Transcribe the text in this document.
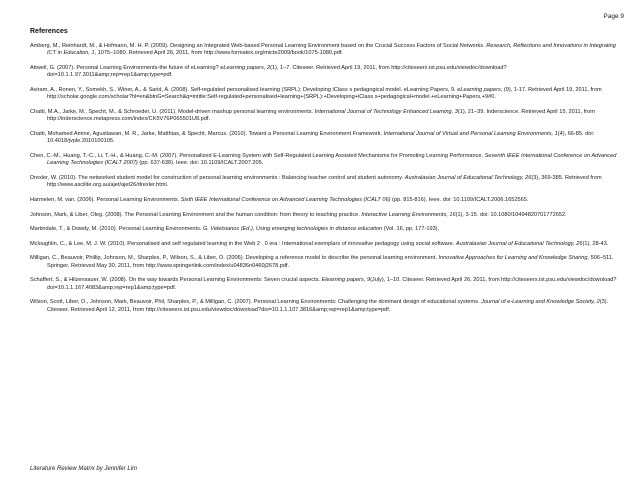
Page 9
References

Amberg, M., Reinhardt, M., & Hofmann, M. H. P. (2009). Designing an Integrated Web-based Personal Learning Environment based on the Crucial Success Factors of Social Networks. Research, Reflections and Innovations in Integrating ICT in Education, 1, 1075–1080. Retrieved April 26, 2011, from http://www.formatex.org/micte2009/book/1075-1080.pdf.

Attwell, G. (2007). Personal Learning Environments-the future of eLearning? eLearning papers, 2(1), 1–7. Citeseer. Retrieved April 19, 2011, from http://citeseerx.ist.psu.edu/viewdoc/download?doi=10.1.1.97.3011&amp;rep=rep1&amp;type=pdf.

Aviram, A., Ronen, Y., Somekh, S., Winer, A., & Sarid, A. (2008). Self-regulated personalised learning (SRPL): Developing iClass s pedagogical model. eLearning Papers, 9. eLearning papers, (9), 1-17. Retrieved April 19, 2011, from http://scholar.google.com/scholar?hl=en&btnG=Search&q=intitle:Self-regulated+personalised+learning+(SRPL):+Developing+iClass s+pedagogical+model.+eLearning+Papers,+9#0.

Chatti, M.A., Jarke, M., Specht, M., & Schroeder, U. (2011). Model-driven mashup personal learning environments. International Journal of Technology Enhanced Learning, 3(1), 21–39. Inderscience. Retrieved April 15, 2011, from http://inderscience.metapress.com/index/CK5V76P065501U8.pdf.

Chatti, Mohamed Amine, Agustiawan, M. R., Jarke, Matthias, & Specht, Marcus. (2010). Toward a Personal Learning Environment Framework. International Journal of Virtual and Personal Learning Environments, 1(4), 66-85. doi: 10.4018/jvple.2010100105.

Chen, C.-M., Huang, T.-C., Li, T.-H., & Huang, C.-M. (2007). Personalized E-Learning System with Self-Regulated Learning Assisted Mechanisms for Promoting Learning Performance. Seventh IEEE International Conference on Advanced Learning Technologies (ICALT 2007) (pp. 637-638). Ieee. doi: 10.1109/ICALT.2007.205.

Drexler, W. (2010). The networked student model for construction of personal learning environments : Balancing teacher control and student autonomy. Australasian Journal of Educational Technology, 26(3), 369-385. Retrieved from http://www.ascilite.org.au/ajet/ajet26/drexler.html.

Harmelen, M. van. (2006). Personal Learning Environments. Sixth IEEE International Conference on Advanced Learning Technologies (ICALT 06) (pp. 815-816). Ieee. doi: 10.1109/ICALT.2006.1652565.

Johnson, Mark, & Liber, Oleg. (2008). The Personal Learning Environment and the human condition: from theory to teaching practice. Interactive Learning Environments, 16(1), 3-15. doi: 10.1080/10494820701772652.

Martindale, T., & Dowdy, M. (2010). Personal Learning Environments. G. Veletsianos (Ed.), Using emerging technologies in distance education (Vol. 16, pp. 177-193).

Mcloughlin, C., & Lee, M. J. W. (2010). Personalised and self regulated learning in the Web 2 . 0 era : International exemplars of innovative pedagogy using social software. Australasian Journal of Educational Technology, 26(1), 28-43.

Milligan, C., Beauvoir, Phillip, Johnson, M., Sharples, P., Wilson, S., & Liber, O. (2006). Developing a reference model to describe the personal learning environment. Innovative Approaches for Learning and Knowledge Sharing, 506–511. Springer. Retrieved May 30, 2011, from http://www.springerlink.com/index/u04836n0460j2678.pdf.

Schaffert, S., & Hilzensauer, W. (2008). On the way towards Personal Learning Environments: Seven crucial aspects. Elearning papers, 9(July), 1–10. Citeseer. Retrieved April 26, 2011, from http://citeseerx.ist.psu.edu/viewdoc/download?doi=10.1.1.167.4083&amp;rep=rep1&amp;type=pdf.

Wilson, Scott, Liber, O., Johnson, Mark, Beauvoir, Phil, Sharples, P., & Milligan, C. (2007). Personal Learning Environments: Challenging the dominant design of educational systems. Journal of e-Learning and Knowledge Society, 2(3). Citeseer. Retrieved April 12, 2011, from http://citeseerx.ist.psu.edu/viewdoc/download?doi=10.1.1.107.3816&amp;rep=rep1&amp;type=pdf.

Literature Review Matrix by Jennifer Lim
